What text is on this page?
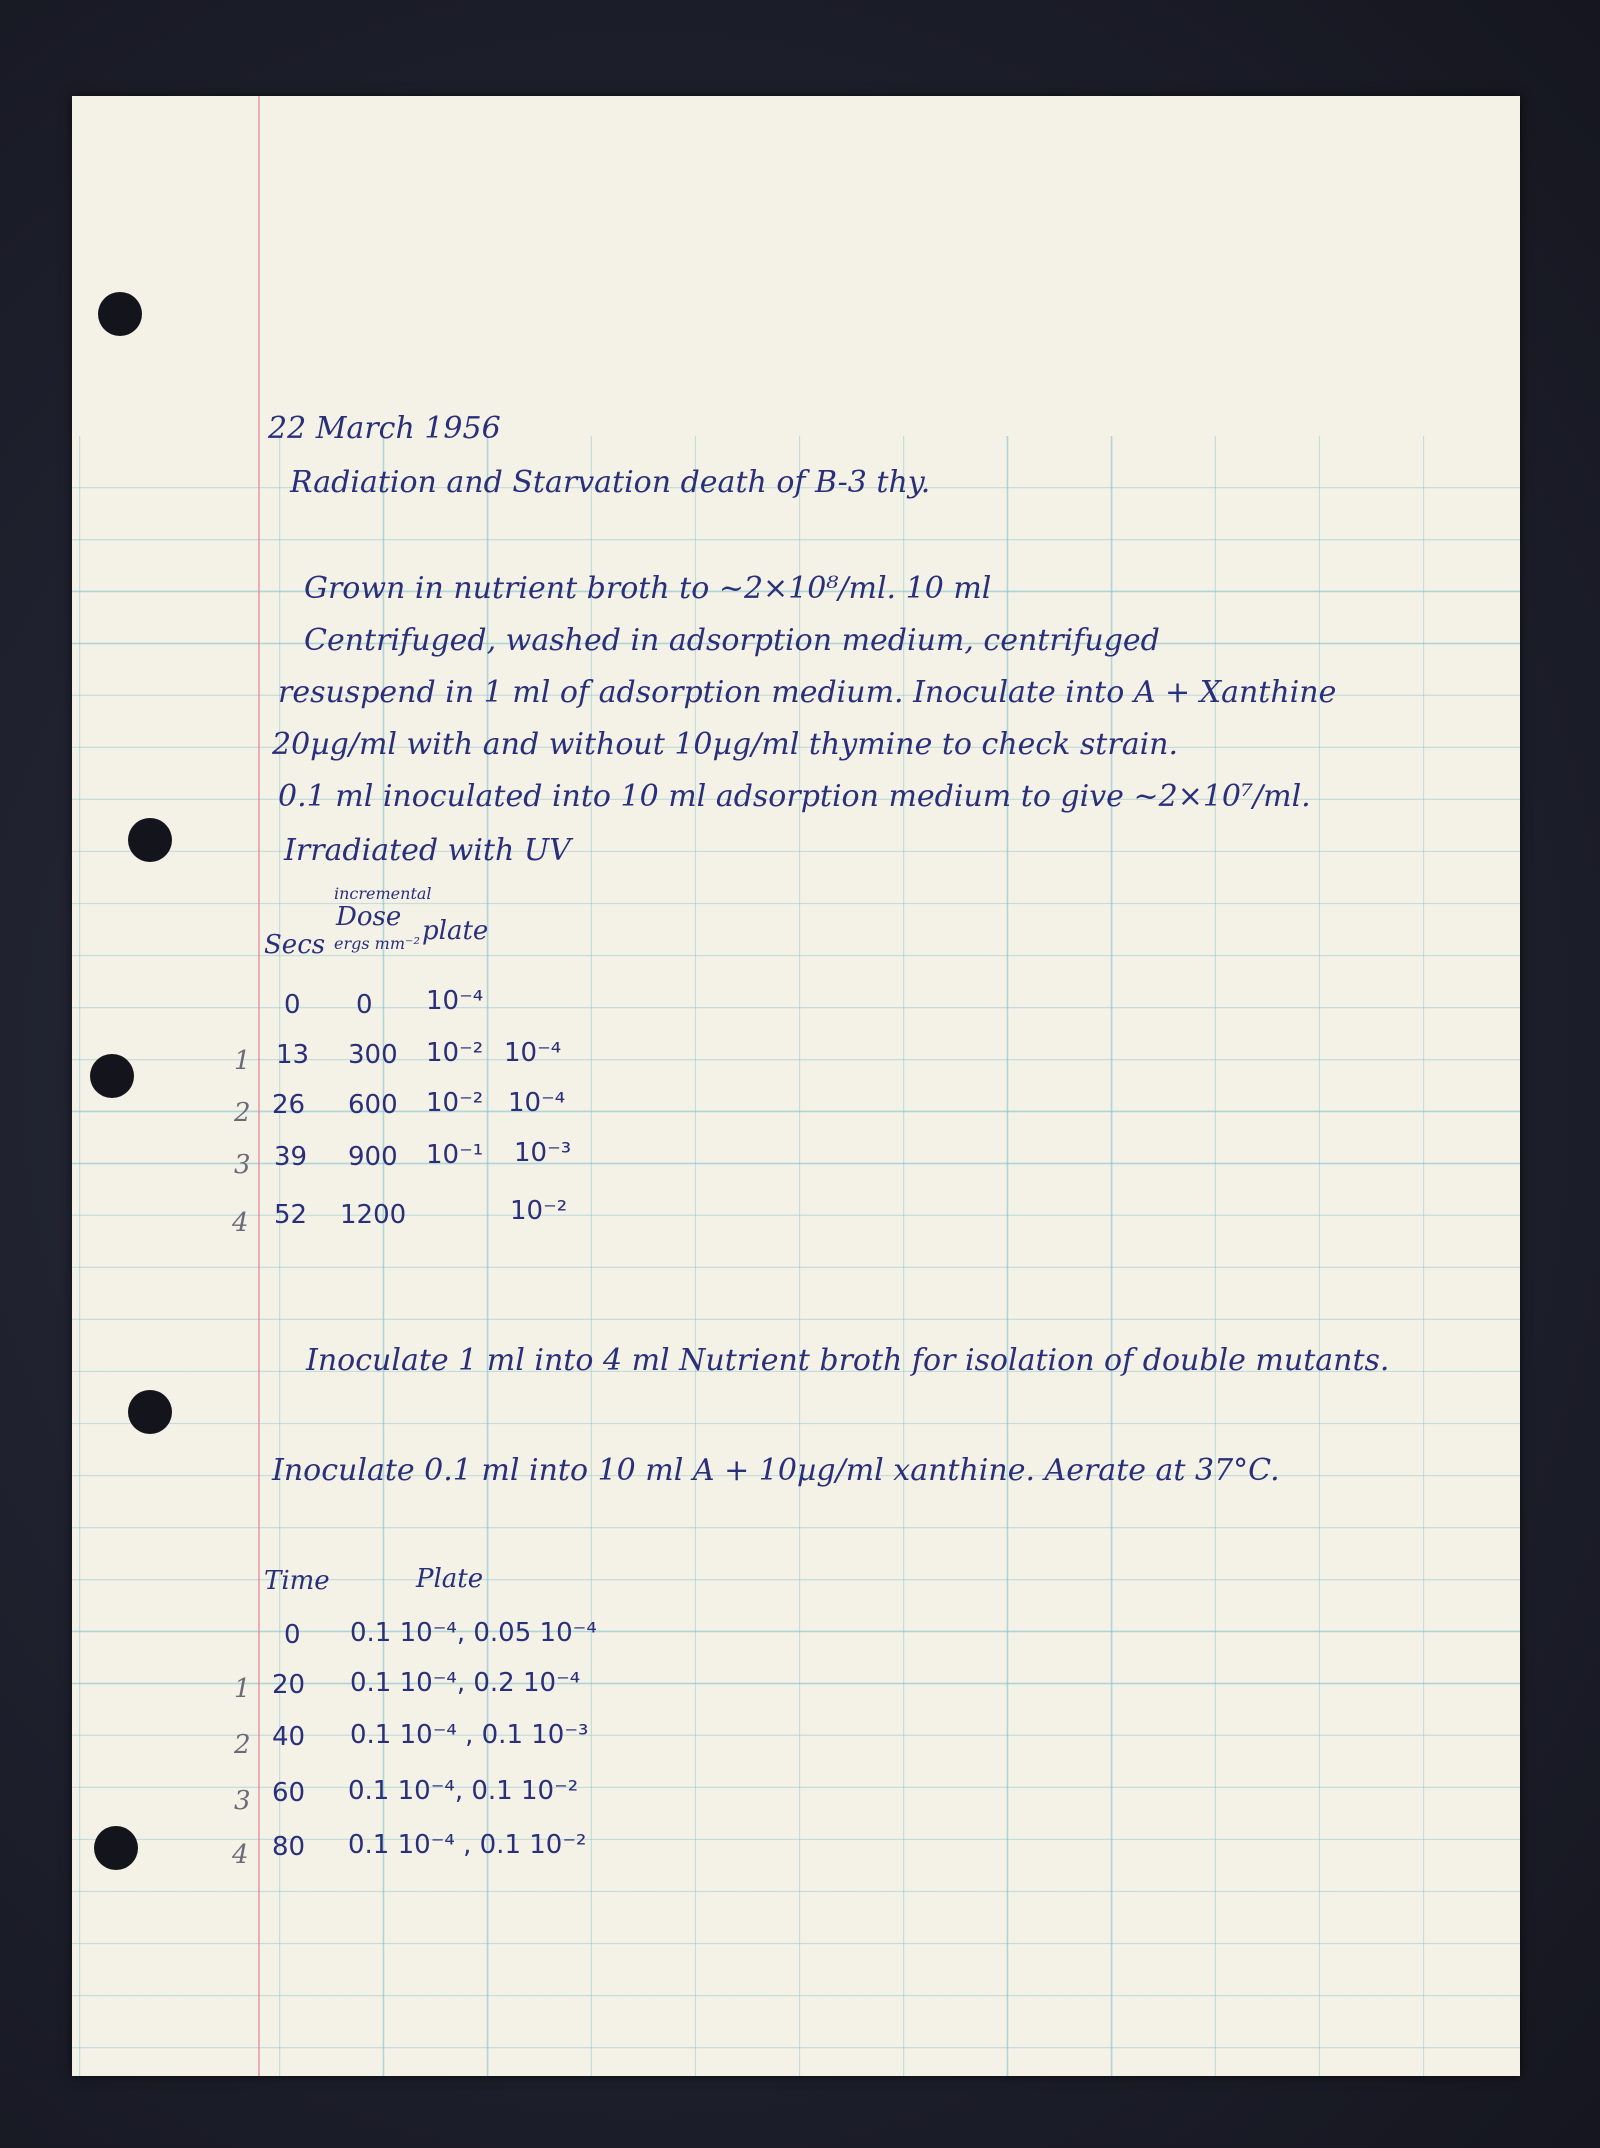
22 March 1956
Radiation and Starvation death of B-3 thy.
Grown in nutrient broth to ~2×10⁸/ml. 10 ml
Centrifuged, washed in adsorption medium, centrifuged
resuspend in 1 ml of adsorption medium. Inoculate into A + Xanthine
20µg/ml with and without 10µg/ml thymine to check strain.
0.1 ml inoculated into 10 ml adsorption medium to give ~2×10⁷/ml.
Irradiated with UV
Secs
incremental
Dose
ergs mm⁻² plate
0 0 10⁻⁴
1 13 300 10⁻² 10⁻⁴
2 26 600 10⁻² 10⁻⁴
3 39 900 10⁻¹ 10⁻³
4 52 1200	10⁻²
Inoculate 1 ml into 4 ml Nutrient broth for isolation of double mutants.
Inoculate 0.1 ml into 10 ml A + 10µg/ml xanthine. Aerate at 37°C.
Time	Plate
0 0.1 10⁻⁴, 0.05 10⁻⁴
1 20 0.1 10⁻⁴, 0.2 10⁻⁴
2 40 0.1 10⁻⁴ , 0.1 10⁻³
3 60 0.1 10⁻⁴, 0.1 10⁻²
4 80 0.1 10⁻⁴ , 0.1 10⁻²
